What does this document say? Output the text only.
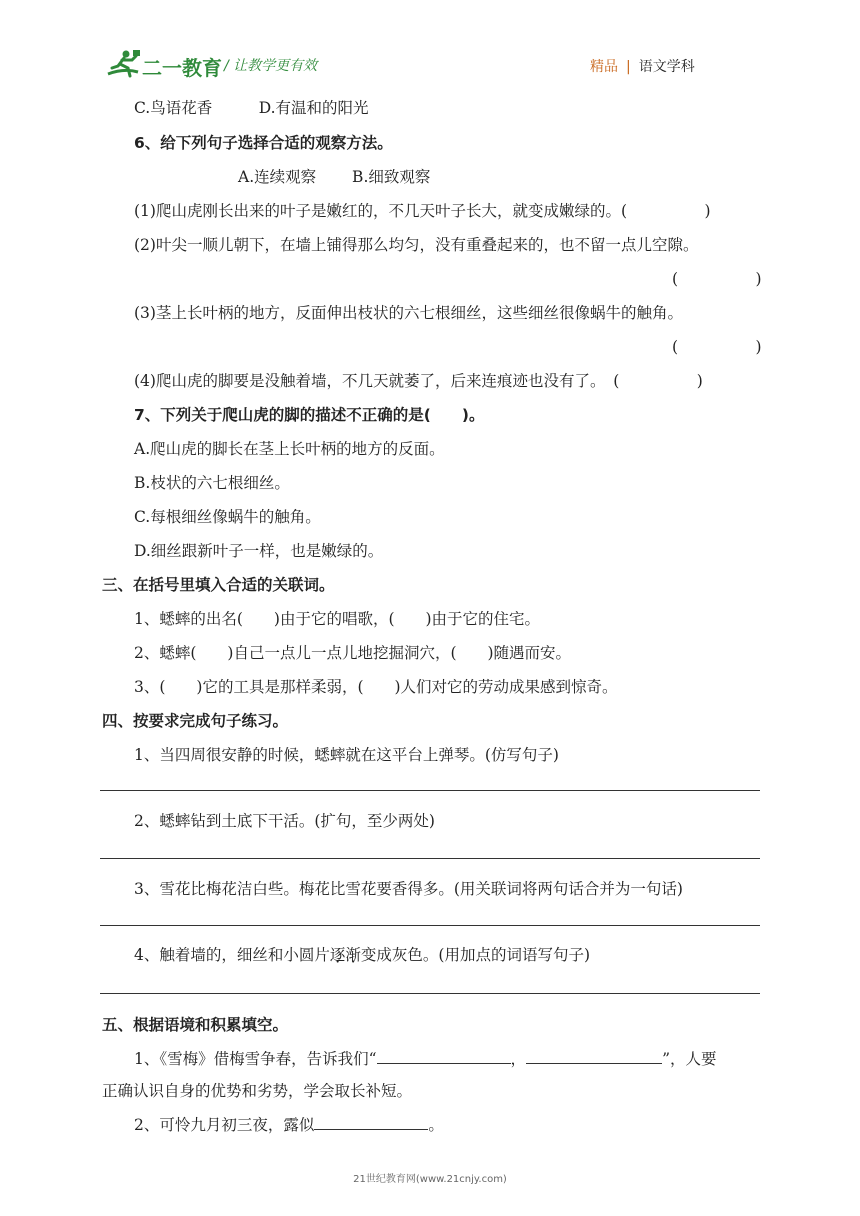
二一教育 / 让教学更有效	精品 | 语文学科
C.鸟语花香　　　D.有温和的阳光
6、给下列句子选择合适的观察方法。
A.连续观察　　 B.细致观察
(1)爬山虎刚长出来的叶子是嫩红的，不几天叶子长大，就变成嫩绿的。(　　　　　)
(2)叶尖一顺儿朝下，在墙上铺得那么均匀，没有重叠起来的，也不留一点儿空隙。
(　　　　　)
(3)茎上长叶柄的地方，反面伸出枝状的六七根细丝，这些细丝很像蜗牛的触角。
(　　　　　)
(4)爬山虎的脚要是没触着墙，不几天就萎了，后来连痕迹也没有了。　(　　　　　)
7、下列关于爬山虎的脚的描述不正确的是(　　)。
A.爬山虎的脚长在茎上长叶柄的地方的反面。
B.枝状的六七根细丝。
C.每根细丝像蜗牛的触角。
D.细丝跟新叶子一样，也是嫩绿的。
三、在括号里填入合适的关联词。
1、蟋蟀的出名(　　)由于它的唱歌，(　　)由于它的住宅。
2、蟋蟀(　　)自己一点儿一点儿地挖掘洞穴，(　　)随遇而安。
3、(　　)它的工具是那样柔弱，(　　)人们对它的劳动成果感到惊奇。
四、按要求完成句子练习。
1、当四周很安静的时候，蟋蟀就在这平台上弹琴。(仿写句子)
2、蟋蟀钻到土底下干活。(扩句，至少两处)
3、雪花比梅花洁白些。梅花比雪花要香得多。(用关联词将两句话合并为一句话)
4、触着墙的，细丝和小圆片逐渐变成灰色。(用加点的词语写句子)
五、根据语境和积累填空。
1、《雪梅》借梅雪争春，告诉我们“	，	”，人要
正确认识自身的优势和劣势，学会取长补短。
2、可怜九月初三夜，露似	。
21世纪教育网(www.21cnjy.com)
